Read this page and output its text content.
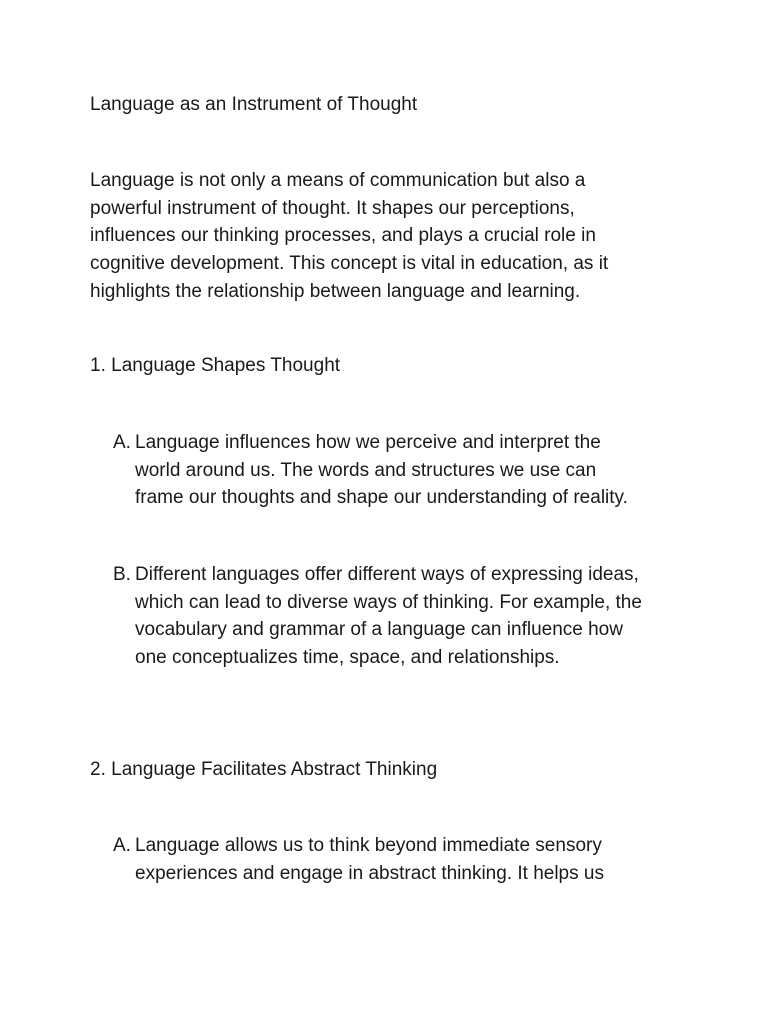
Language as an Instrument of Thought
Language is not only a means of communication but also a
powerful instrument of thought. It shapes our perceptions,
influences our thinking processes, and plays a crucial role in
cognitive development. This concept is vital in education, as it
highlights the relationship between language and learning.
1. Language Shapes Thought
A. Language influences how we perceive and interpret the
world around us. The words and structures we use can
frame our thoughts and shape our understanding of reality.
B. Different languages offer different ways of expressing ideas,
which can lead to diverse ways of thinking. For example, the
vocabulary and grammar of a language can influence how
one conceptualizes time, space, and relationships.
2. Language Facilitates Abstract Thinking
A. Language allows us to think beyond immediate sensory
experiences and engage in abstract thinking. It helps us
